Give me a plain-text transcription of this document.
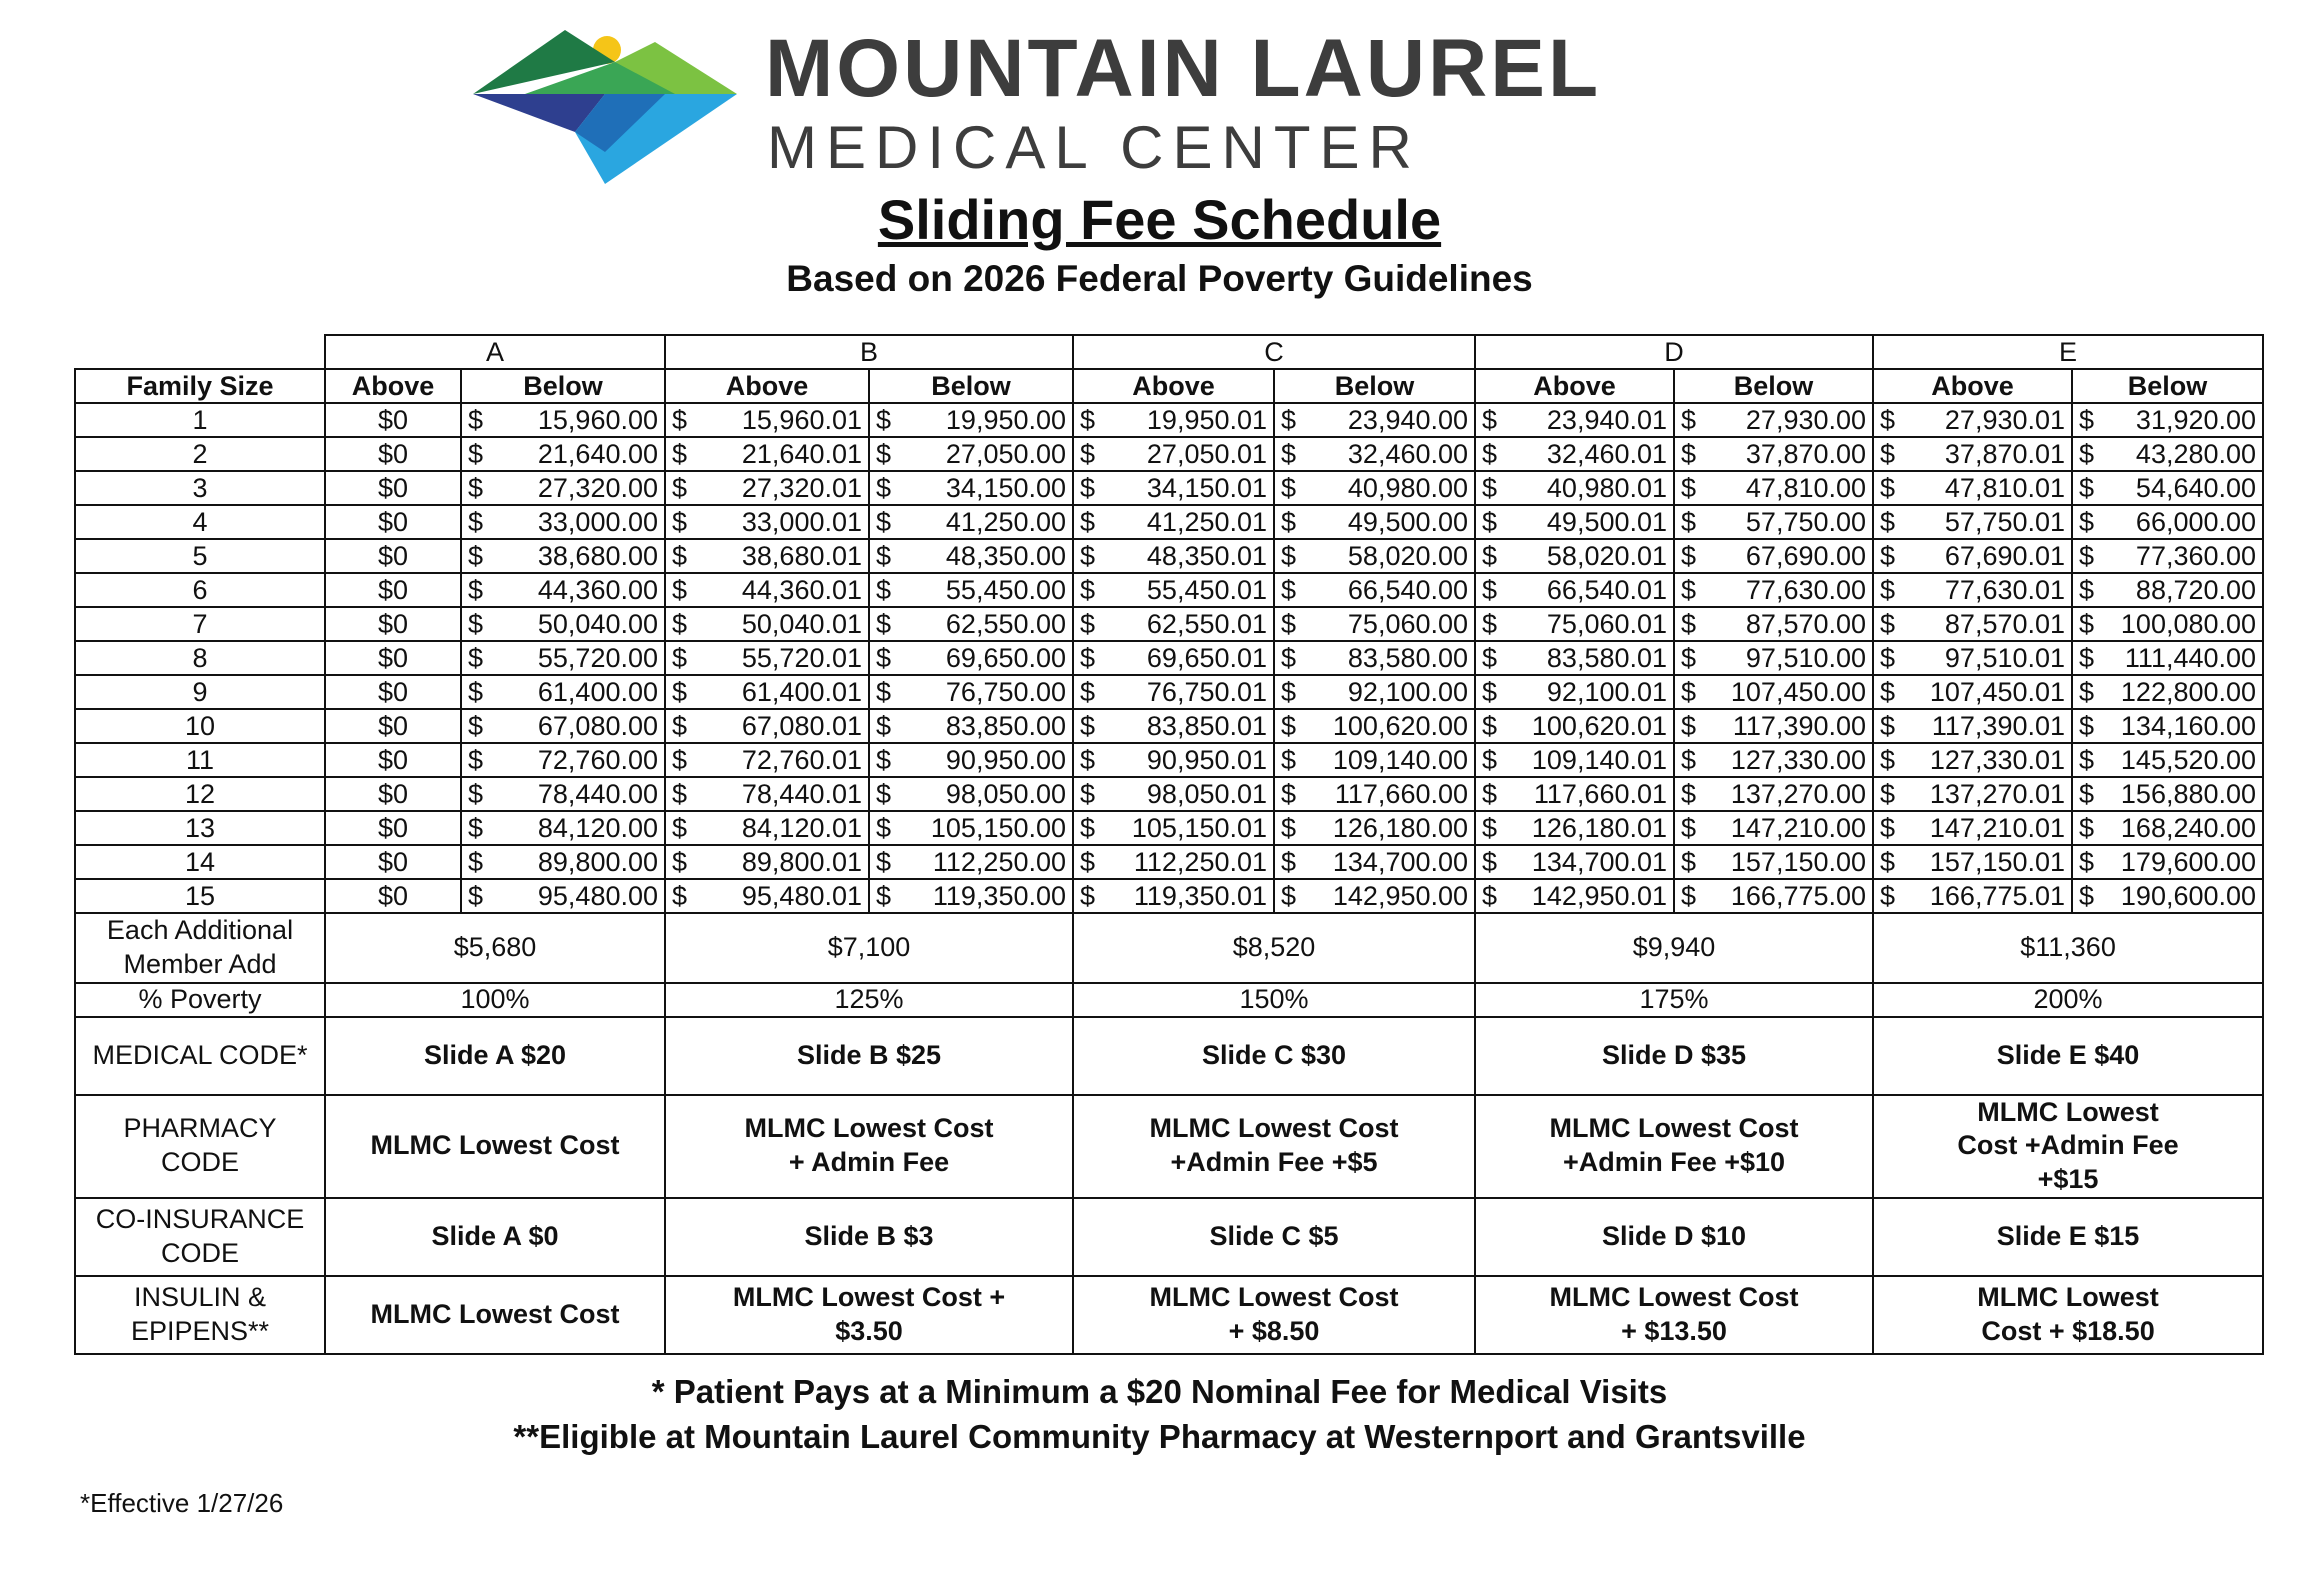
MOUNTAIN LAUREL
MEDICAL CENTER
Sliding Fee Schedule
Based on 2026 Federal Poverty Guidelines
	A		B		C		D		E	
Family Size	Above	Below	Above	Below	Above	Below	Above	Below	Above	Below
1	$0	$ 15,960.00	$ 15,960.01	$ 19,950.00	$ 19,950.01	$ 23,940.00	$ 23,940.01	$ 27,930.00	$ 27,930.01	$ 31,920.00

2	$0	$ 21,640.00	$ 21,640.01	$ 27,050.00	$ 27,050.01	$ 32,460.00	$ 32,460.01	$ 37,870.00	$ 37,870.01	$ 43,280.00

3	$0	$ 27,320.00	$ 27,320.01	$ 34,150.00	$ 34,150.01	$ 40,980.00	$ 40,980.01	$ 47,810.00	$ 47,810.01	$ 54,640.00

4	$0	$ 33,000.00	$ 33,000.01	$ 41,250.00	$ 41,250.01	$ 49,500.00	$ 49,500.01	$ 57,750.00	$ 57,750.01	$ 66,000.00

5	$0	$ 38,680.00	$ 38,680.01	$ 48,350.00	$ 48,350.01	$ 58,020.00	$ 58,020.01	$ 67,690.00	$ 67,690.01	$ 77,360.00

6	$0	$ 44,360.00	$ 44,360.01	$ 55,450.00	$ 55,450.01	$ 66,540.00	$ 66,540.01	$ 77,630.00	$ 77,630.01	$ 88,720.00

7	$0	$ 50,040.00	$ 50,040.01	$ 62,550.00	$ 62,550.01	$ 75,060.00	$ 75,060.01	$ 87,570.00	$ 87,570.01	$ 100,080.00

8	$0	$ 55,720.00	$ 55,720.01	$ 69,650.00	$ 69,650.01	$ 83,580.00	$ 83,580.01	$ 97,510.00	$ 97,510.01	$ 111,440.00

9	$0	$ 61,400.00	$ 61,400.01	$ 76,750.00	$ 76,750.01	$ 92,100.00	$ 92,100.01	$ 107,450.00	$ 107,450.01	$ 122,800.00

10	$0	$ 67,080.00	$ 67,080.01	$ 83,850.00	$ 83,850.01	$ 100,620.00	$ 100,620.01	$ 117,390.00	$ 117,390.01	$ 134,160.00

11	$0	$ 72,760.00	$ 72,760.01	$ 90,950.00	$ 90,950.01	$ 109,140.00	$ 109,140.01	$ 127,330.00	$ 127,330.01	$ 145,520.00

12	$0	$ 78,440.00	$ 78,440.01	$ 98,050.00	$ 98,050.01	$ 117,660.00	$ 117,660.01	$ 137,270.00	$ 137,270.01	$ 156,880.00

13	$0	$ 84,120.00	$ 84,120.01	$ 105,150.00	$ 105,150.01	$ 126,180.00	$ 126,180.01	$ 147,210.00	$ 147,210.01	$ 168,240.00

14	$0	$ 89,800.00	$ 89,800.01	$ 112,250.00	$ 112,250.01	$ 134,700.00	$ 134,700.01	$ 157,150.00	$ 157,150.01	$ 179,600.00

15	$0	$ 95,480.00	$ 95,480.01	$ 119,350.00	$ 119,350.01	$ 142,950.00	$ 142,950.01	$ 166,775.00	$ 166,775.01	$ 190,600.00

Each Additional Member Add	$5,680		$7,100		$8,520		$9,940		$11,360	
% Poverty	100%		125%		150%		175%		200%	
MEDICAL CODE*	Slide A $20		Slide B $25		Slide C $30		Slide D $35		Slide E $40	
PHARMACY CODE	MLMC Lowest Cost		MLMC Lowest Cost + Admin Fee		MLMC Lowest Cost +Admin Fee +$5		MLMC Lowest Cost +Admin Fee +$10		MLMC Lowest Cost +Admin Fee +$15	
CO-INSURANCE CODE	Slide A $0		Slide B $3		Slide C $5		Slide D $10		Slide E $15	
INSULIN & EPIPENS**	MLMC Lowest Cost		MLMC Lowest Cost + $3.50		MLMC Lowest Cost + $8.50		MLMC Lowest Cost + $13.50		MLMC Lowest Cost + $18.50	
* Patient Pays at a Minimum a $20 Nominal Fee for Medical Visits
**Eligible at Mountain Laurel Community Pharmacy at Westernport and Grantsville
*Effective 1/27/26
